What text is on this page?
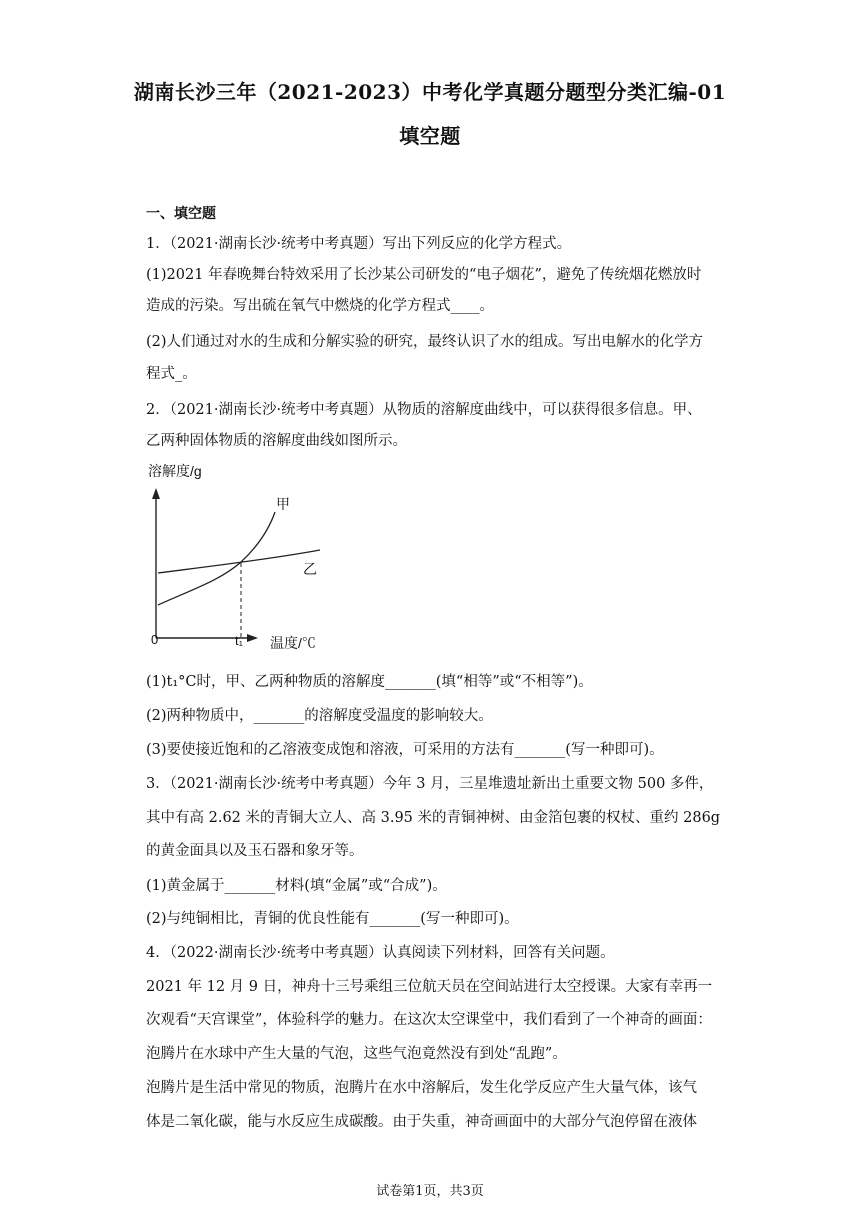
湖南长沙三年（2021-2023）中考化学真题分题型分类汇编-01
填空题
一、填空题
1．（2021·湖南长沙·统考中考真题）写出下列反应的化学方程式。
(1)2021 年春晚舞台特效采用了长沙某公司研发的“电子烟花”，避免了传统烟花燃放时
造成的污染。写出硫在氧气中燃烧的化学方程式____。
(2)人们通过对水的生成和分解实验的研究，最终认识了水的组成。写出电解水的化学方
程式_。
2．（2021·湖南长沙·统考中考真题）从物质的溶解度曲线中，可以获得很多信息。甲、
乙两种固体物质的溶解度曲线如图所示。
溶解度/g
甲
乙
0	t₁ 温度/℃
(1)t₁°C时，甲、乙两种物质的溶解度_______(填“相等”或“不相等”)。
(2)两种物质中，_______的溶解度受温度的影响较大。
(3)要使接近饱和的乙溶液变成饱和溶液，可采用的方法有_______(写一种即可)。
3．（2021·湖南长沙·统考中考真题）今年 3 月，三星堆遗址新出土重要文物 500 多件，
其中有高 2.62 米的青铜大立人、高 3.95 米的青铜神树、由金箔包裹的权杖、重约 286g
的黄金面具以及玉石器和象牙等。
(1)黄金属于_______材料(填“金属”或“合成”)。
(2)与纯铜相比，青铜的优良性能有_______(写一种即可)。
4．（2022·湖南长沙·统考中考真题）认真阅读下列材料，回答有关问题。
2021 年 12 月 9 日，神舟十三号乘组三位航天员在空间站进行太空授课。大家有幸再一
次观看“天宫课堂”，体验科学的魅力。在这次太空课堂中，我们看到了一个神奇的画面：
泡腾片在水球中产生大量的气泡，这些气泡竟然没有到处“乱跑”。
泡腾片是生活中常见的物质，泡腾片在水中溶解后，发生化学反应产生大量气体，该气
体是二氧化碳，能与水反应生成碳酸。由于失重，神奇画面中的大部分气泡停留在液体
试卷第1页，共3页
